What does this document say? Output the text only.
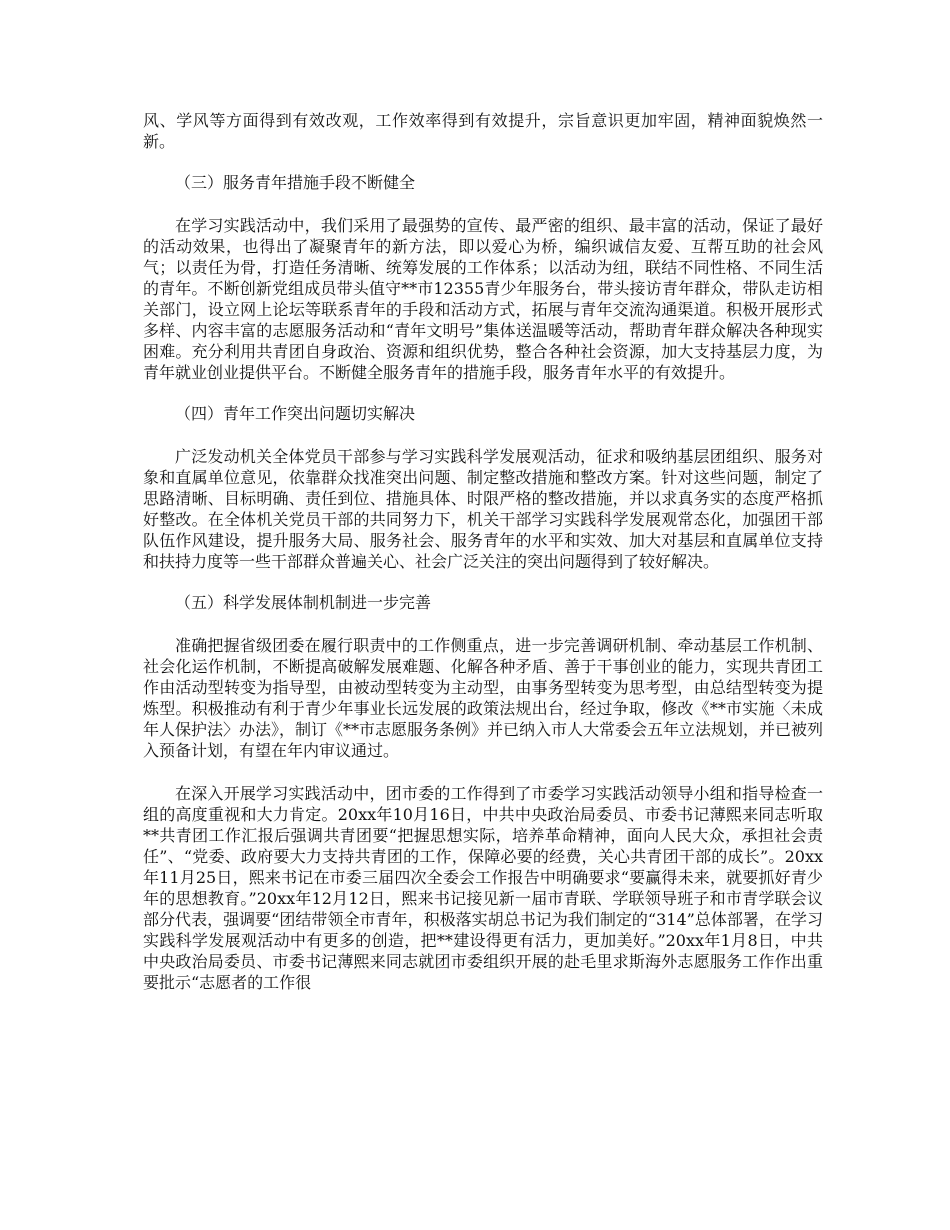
风、学风等方面得到有效改观，工作效率得到有效提升，宗旨意识更加牢固，精神面貌焕然一新。

（三）服务青年措施手段不断健全

在学习实践活动中，我们采用了最强势的宣传、最严密的组织、最丰富的活动，保证了最好的活动效果，也得出了凝聚青年的新方法，即以爱心为桥，编织诚信友爱、互帮互助的社会风气；以责任为骨，打造任务清晰、统筹发展的工作体系；以活动为纽，联结不同性格、不同生活的青年。不断创新党组成员带头值守**市12355青少年服务台，带头接访青年群众，带队走访相关部门，设立网上论坛等联系青年的手段和活动方式，拓展与青年交流沟通渠道。积极开展形式多样、内容丰富的志愿服务活动和“青年文明号”集体送温暖等活动，帮助青年群众解决各种现实困难。充分利用共青团自身政治、资源和组织优势，整合各种社会资源，加大支持基层力度，为青年就业创业提供平台。不断健全服务青年的措施手段，服务青年水平的有效提升。

（四）青年工作突出问题切实解决

广泛发动机关全体党员干部参与学习实践科学发展观活动，征求和吸纳基层团组织、服务对象和直属单位意见，依靠群众找准突出问题、制定整改措施和整改方案。针对这些问题，制定了思路清晰、目标明确、责任到位、措施具体、时限严格的整改措施，并以求真务实的态度严格抓好整改。在全体机关党员干部的共同努力下，机关干部学习实践科学发展观常态化，加强团干部队伍作风建设，提升服务大局、服务社会、服务青年的水平和实效、加大对基层和直属单位支持和扶持力度等一些干部群众普遍关心、社会广泛关注的突出问题得到了较好解决。

（五）科学发展体制机制进一步完善

准确把握省级团委在履行职责中的工作侧重点，进一步完善调研机制、牵动基层工作机制、社会化运作机制，不断提高破解发展难题、化解各种矛盾、善于干事创业的能力，实现共青团工作由活动型转变为指导型，由被动型转变为主动型，由事务型转变为思考型，由总结型转变为提炼型。积极推动有利于青少年事业长远发展的政策法规出台，经过争取，修改《**市实施〈未成年人保护法〉办法》，制订《**市志愿服务条例》并已纳入市人大常委会五年立法规划，并已被列入预备计划，有望在年内审议通过。

在深入开展学习实践活动中，团市委的工作得到了市委学习实践活动领导小组和指导检查一组的高度重视和大力肯定。20xx年10月16日，中共中央政治局委员、市委书记薄熙来同志听取**共青团工作汇报后强调共青团要“把握思想实际，培养革命精神，面向人民大众，承担社会责任”、“党委、政府要大力支持共青团的工作，保障必要的经费，关心共青团干部的成长”。20xx年11月25日，熙来书记在市委三届四次全委会工作报告中明确要求“要赢得未来，就要抓好青少年的思想教育。”20xx年12月12日，熙来书记接见新一届市青联、学联领导班子和市青学联会议部分代表，强调要“团结带领全市青年，积极落实胡总书记为我们制定的“314”总体部署，在学习实践科学发展观活动中有更多的创造，把**建设得更有活力，更加美好。”20xx年1月8日，中共中央政治局委员、市委书记薄熙来同志就团市委组织开展的赴毛里求斯海外志愿服务工作作出重要批示“志愿者的工作很
